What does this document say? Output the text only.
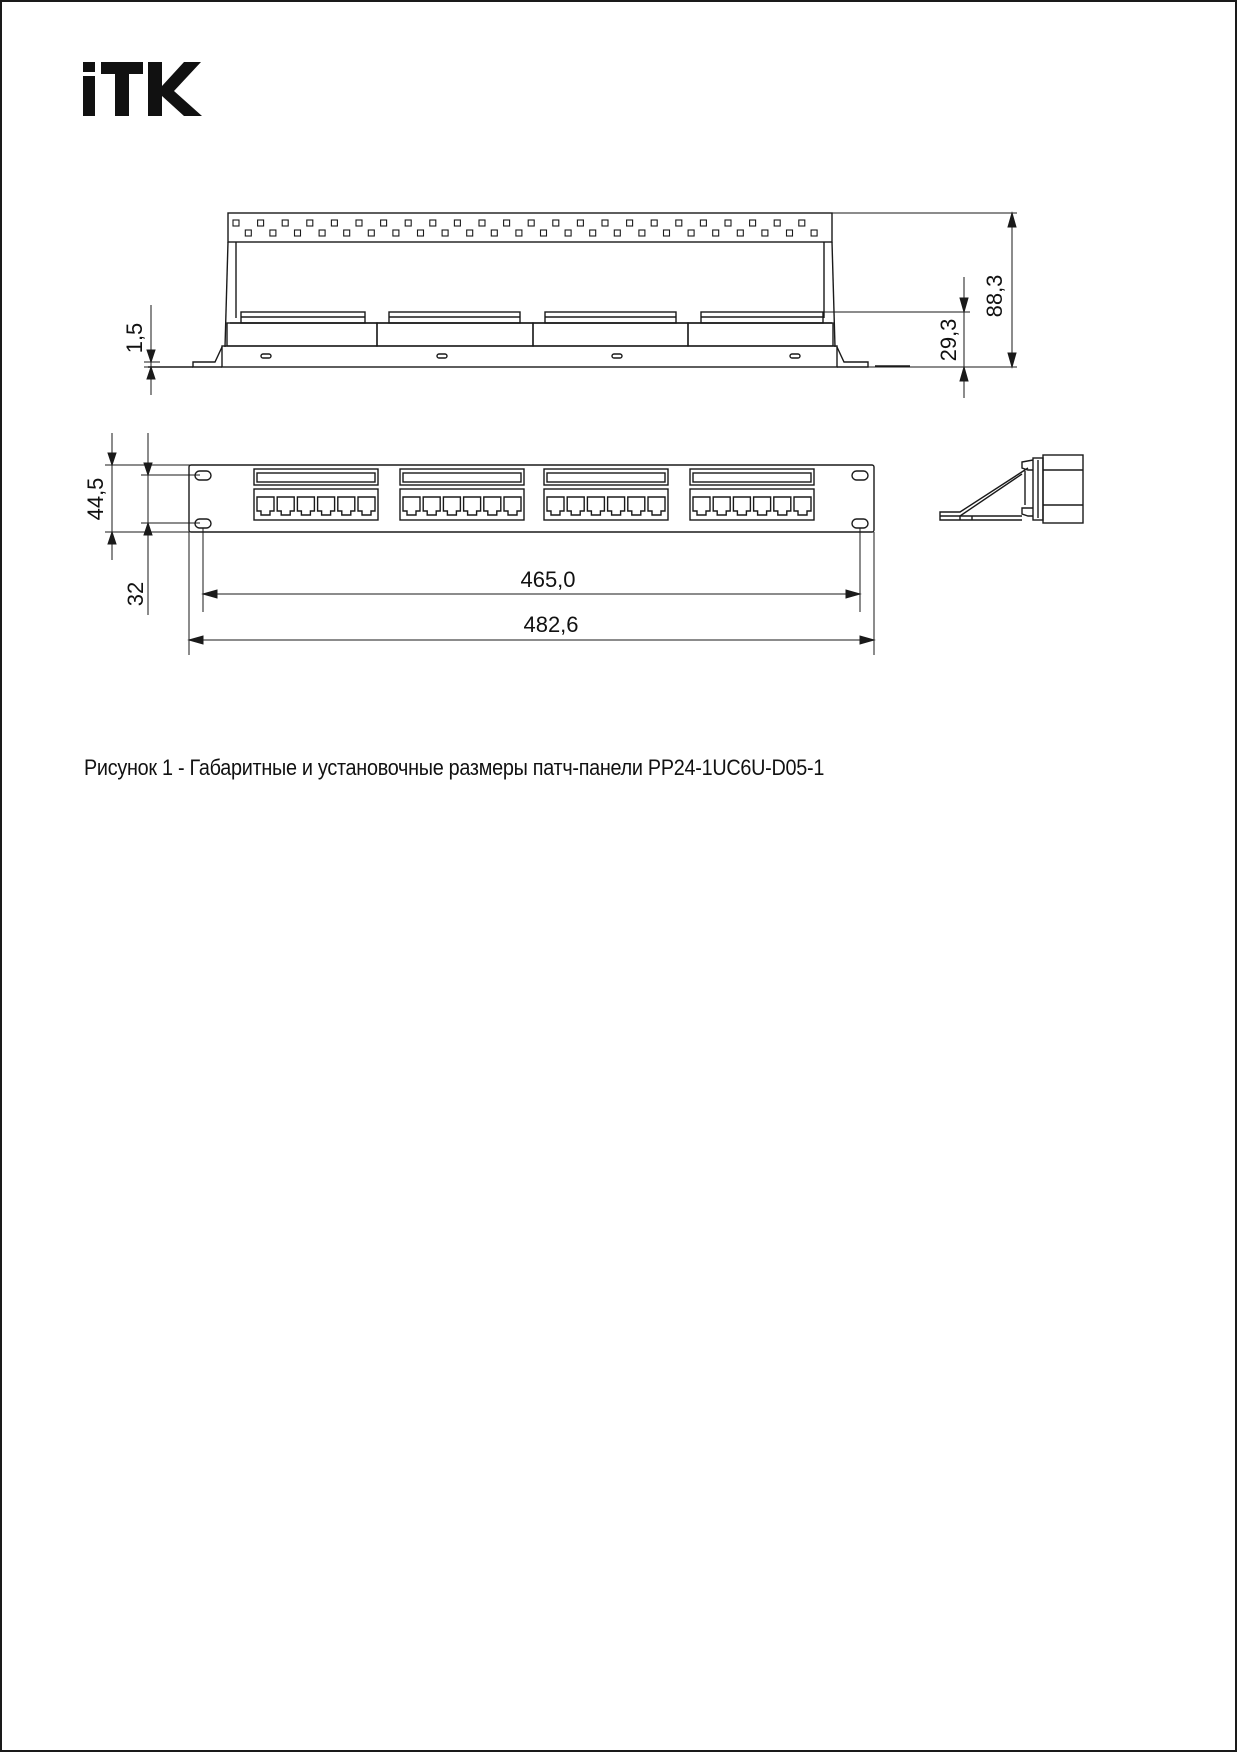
1,5
88,3
29,3
44,5
32
465,0
482,6
Рисунок 1 - Габаритные и установочные размеры патч-панели PP24-1UC6U-D05-1
